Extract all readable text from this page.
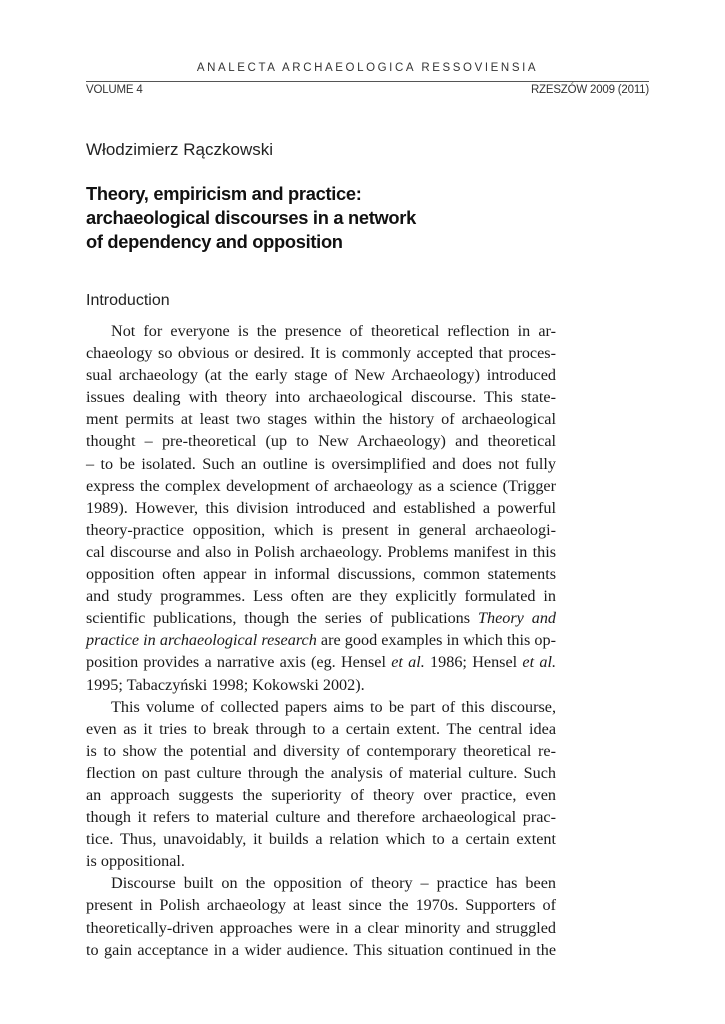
ANALECTA ARCHAEOLOGICA RESSOVIENSIA
VOLUME 4	RZESZÓW 2009 (2011)
Włodzimierz Rączkowski
Theory, empiricism and practice:
archaeological discourses in a network
of dependency and opposition
Introduction
Not for everyone is the presence of theoretical reflection in ar-
chaeology so obvious or desired. It is commonly accepted that proces-
sual archaeology (at the early stage of New Archaeology) introduced
issues dealing with theory into archaeological discourse. This state-
ment permits at least two stages within the history of archaeological
thought – pre-theoretical (up to New Archaeology) and theoretical
– to be isolated. Such an outline is oversimplified and does not fully
express the complex development of archaeology as a science (Trigger
1989). However, this division introduced and established a powerful
theory-practice opposition, which is present in general archaeologi-
cal discourse and also in Polish archaeology. Problems manifest in this
opposition often appear in informal discussions, common statements
and study programmes. Less often are they explicitly formulated in
scientific publications, though the series of publications Theory and
practice in archaeological research are good examples in which this op-
position provides a narrative axis (eg. Hensel et al. 1986; Hensel et al.
1995; Tabaczyński 1998; Kokowski 2002).
This volume of collected papers aims to be part of this discourse,
even as it tries to break through to a certain extent. The central idea
is to show the potential and diversity of contemporary theoretical re-
flection on past culture through the analysis of material culture. Such
an approach suggests the superiority of theory over practice, even
though it refers to material culture and therefore archaeological prac-
tice. Thus, unavoidably, it builds a relation which to a certain extent
is oppositional.
Discourse built on the opposition of theory – practice has been
present in Polish archaeology at least since the 1970s. Supporters of
theoretically-driven approaches were in a clear minority and struggled
to gain acceptance in a wider audience. This situation continued in the
